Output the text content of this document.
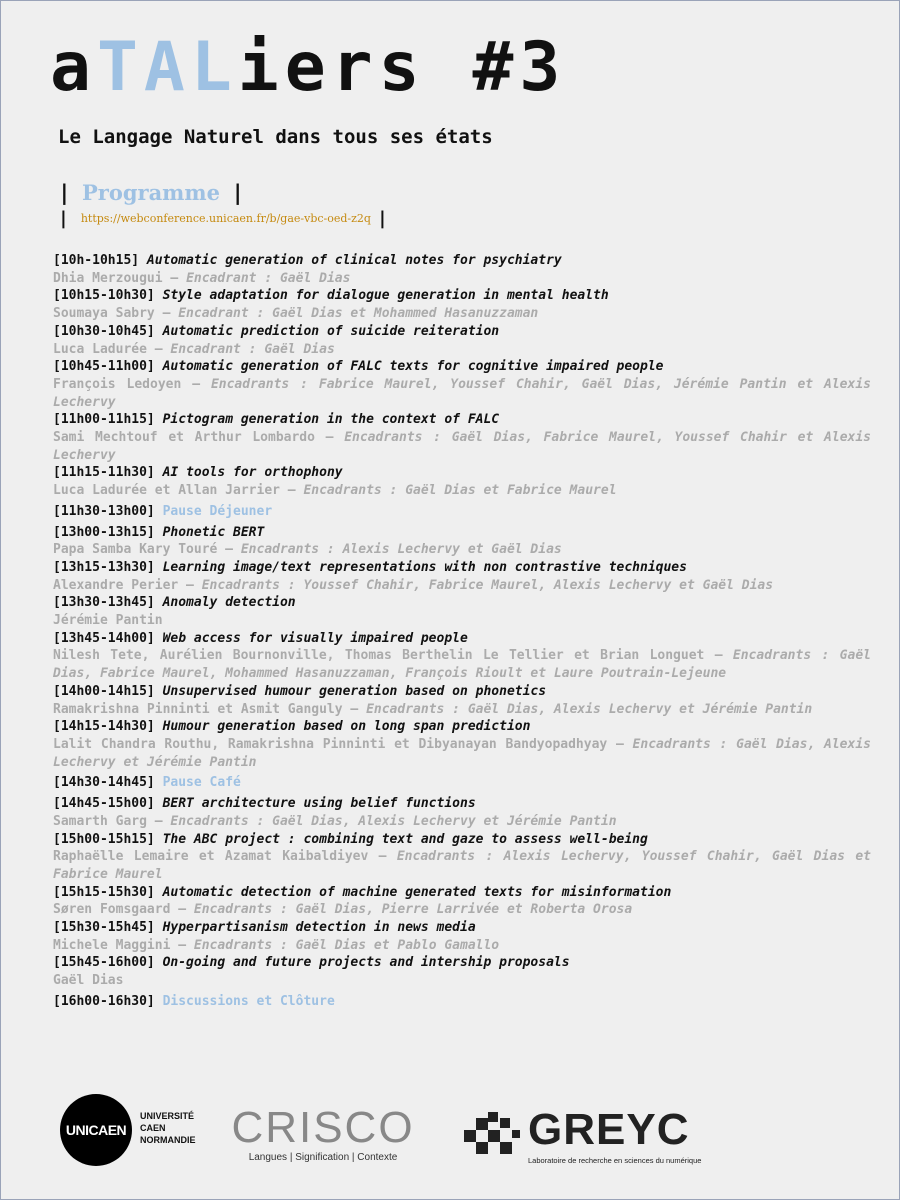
aTALiers #3
Le Langage Naturel dans tous ses états
| Programme |
| https://webconference.unicaen.fr/b/gae-vbc-oed-z2q |
[10h-10h15] Automatic generation of clinical notes for psychiatry
Dhia Merzougui – Encadrant : Gaël Dias
[10h15-10h30] Style adaptation for dialogue generation in mental health
Soumaya Sabry – Encadrant : Gaël Dias et Mohammed Hasanuzzaman
[10h30-10h45] Automatic prediction of suicide reiteration
Luca Ladurée – Encadrant : Gaël Dias
[10h45-11h00] Automatic generation of FALC texts for cognitive impaired people
François Ledoyen – Encadrants : Fabrice Maurel, Youssef Chahir, Gaël Dias, Jérémie Pantin et Alexis Lechervy
[11h00-11h15] Pictogram generation in the context of FALC
Sami Mechtouf et Arthur Lombardo – Encadrants : Gaël Dias, Fabrice Maurel, Youssef Chahir et Alexis Lechervy
[11h15-11h30] AI tools for orthophony
Luca Ladurée et Allan Jarrier – Encadrants : Gaël Dias et Fabrice Maurel
[11h30-13h00] Pause Déjeuner
[13h00-13h15] Phonetic BERT
Papa Samba Kary Touré – Encadrants : Alexis Lechervy et Gaël Dias
[13h15-13h30] Learning image/text representations with non contrastive techniques
Alexandre Perier – Encadrants : Youssef Chahir, Fabrice Maurel, Alexis Lechervy et Gaël Dias
[13h30-13h45] Anomaly detection
Jérémie Pantin
[13h45-14h00] Web access for visually impaired people
Nilesh Tete, Aurélien Bournonville, Thomas Berthelin Le Tellier et Brian Longuet – Encadrants : Gaël Dias, Fabrice Maurel, Mohammed Hasanuzzaman, François Rioult et Laure Poutrain-Lejeune
[14h00-14h15] Unsupervised humour generation based on phonetics
Ramakrishna Pinninti et Asmit Ganguly – Encadrants : Gaël Dias, Alexis Lechervy et Jérémie Pantin
[14h15-14h30] Humour generation based on long span prediction
Lalit Chandra Routhu, Ramakrishna Pinninti et Dibyanayan Bandyopadhyay – Encadrants : Gaël Dias, Alexis Lechervy et Jérémie Pantin
[14h30-14h45] Pause Café
[14h45-15h00] BERT architecture using belief functions
Samarth Garg – Encadrants : Gaël Dias, Alexis Lechervy et Jérémie Pantin
[15h00-15h15] The ABC project : combining text and gaze to assess well-being
Raphaëlle Lemaire et Azamat Kaibaldiyev – Encadrants : Alexis Lechervy, Youssef Chahir, Gaël Dias et Fabrice Maurel
[15h15-15h30] Automatic detection of machine generated texts for misinformation
Søren Fomsgaard – Encadrants : Gaël Dias, Pierre Larrivée et Roberta Orosa
[15h30-15h45] Hyperpartisanism detection in news media
Michele Maggini – Encadrants : Gaël Dias et Pablo Gamallo
[15h45-16h00] On-going and future projects and intership proposals
Gaël Dias
[16h00-16h30] Discussions et Clôture
UNICAEN
UNIVERSITÉ
CAEN
NORMANDIE CRISCO
Langues | Signification | Contexte
GREYC
Laboratoire de recherche en sciences du numérique
